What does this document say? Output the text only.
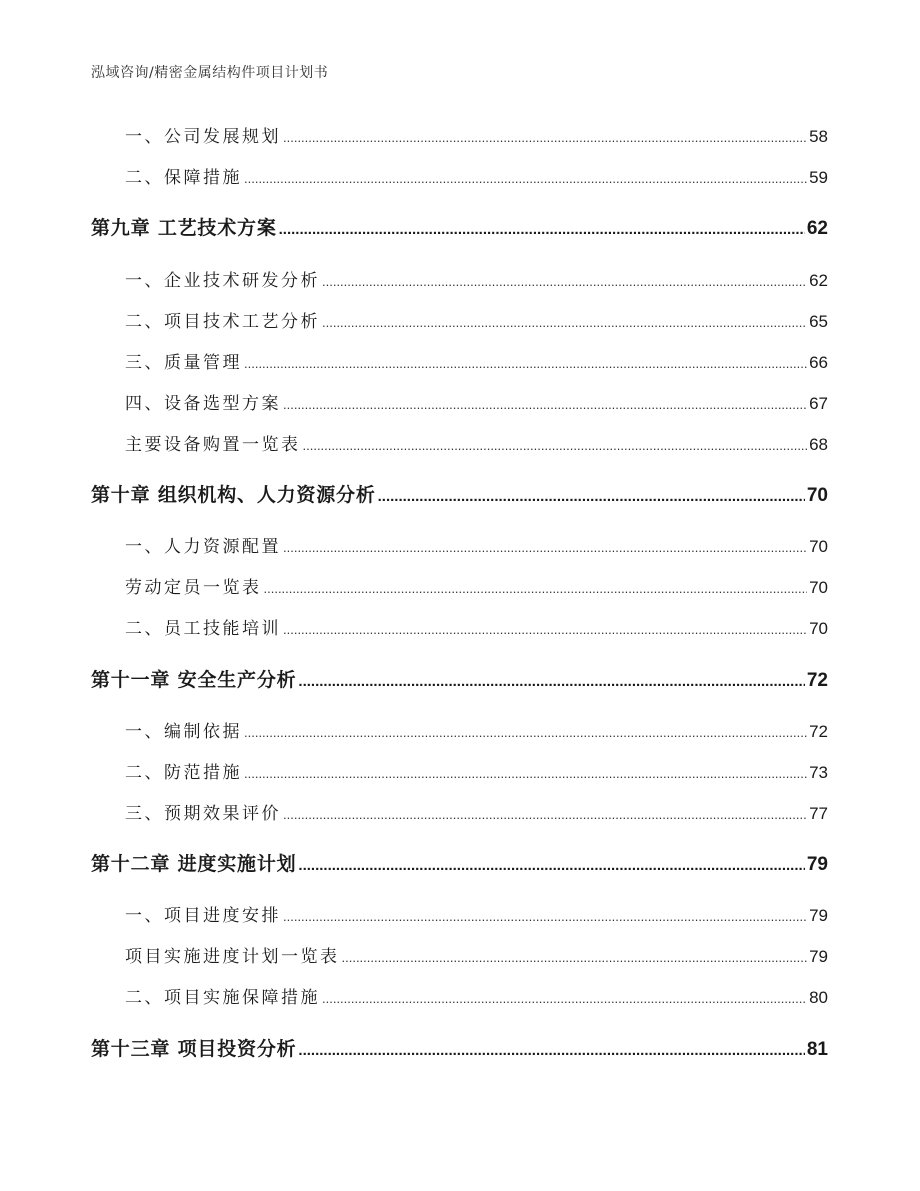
泓域咨询/精密金属结构件项目计划书
一、 公司发展规划 .....	58
二、 保障措施 .....	59
第九章 工艺技术方案 .....	62
一、 企业技术研发分析 .....	62
二、 项目技术工艺分析 .....	65
三、 质量管理 .....	66
四、 设备选型方案 .....	67
主要设备购置一览表 .....	68
第十章 组织机构、人力资源分析 .....	70
一、 人力资源配置 .....	70
劳动定员一览表 .....	70
二、 员工技能培训 .....	70
第十一章 安全生产分析 .....	72
一、 编制依据 .....	72
二、 防范措施 .....	73
三、 预期效果评价 .....	77
第十二章 进度实施计划 .....	79
一、 项目进度安排 .....	79
项目实施进度计划一览表 .....	79
二、 项目实施保障措施 .....	80
第十三章 项目投资分析 .....	81
